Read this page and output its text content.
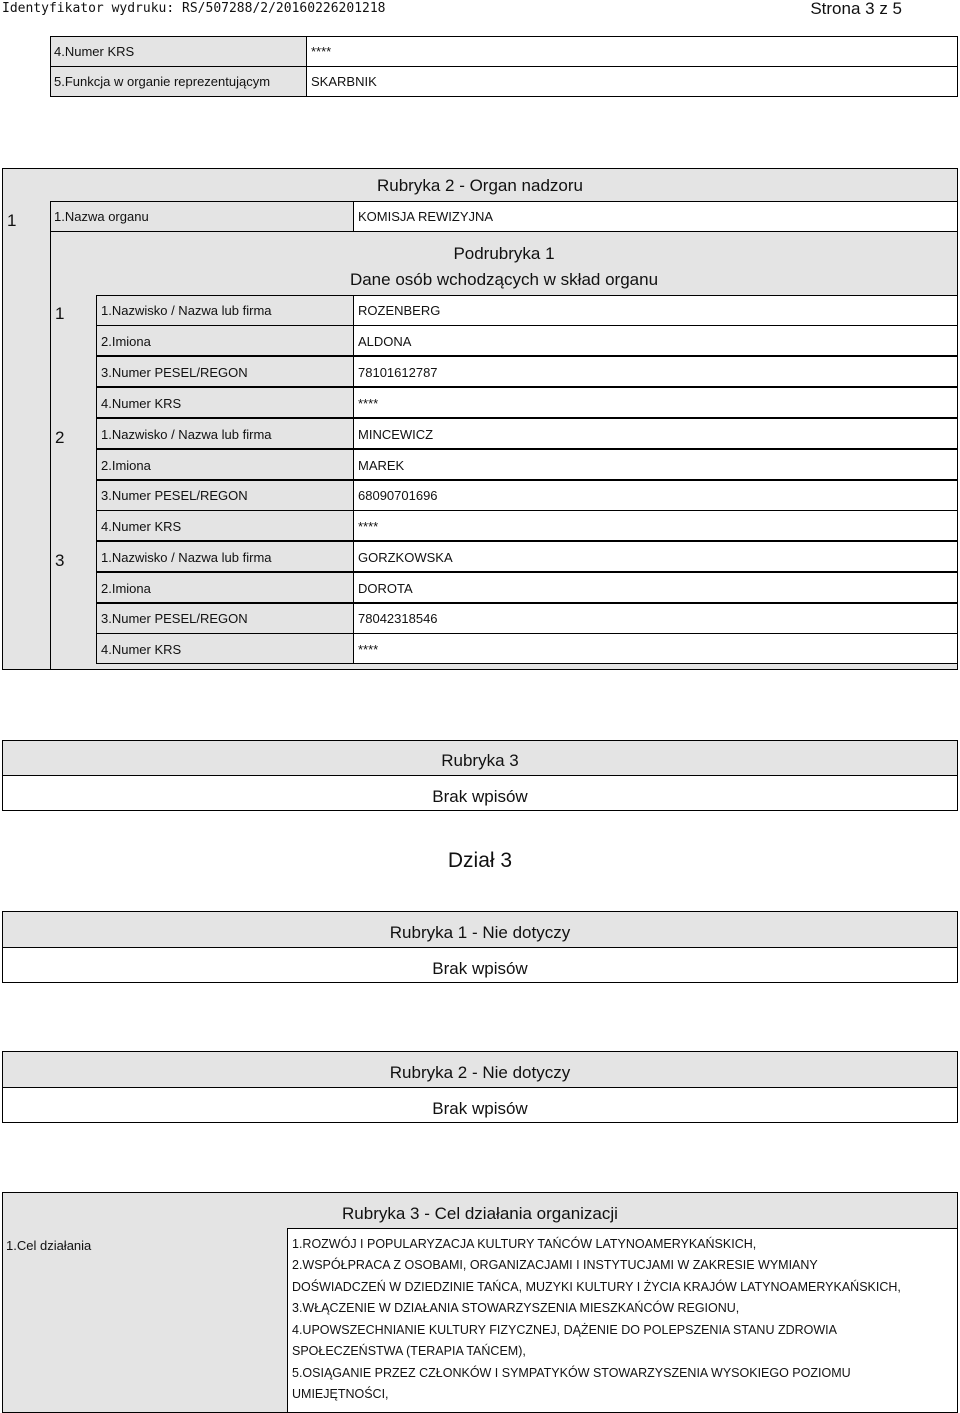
Identyfikator wydruku: RS/507288/2/20160226201218	Strona 3 z 5
4.Numer KRS	****
5.Funkcja w organie reprezentującym	SKARBNIK
Rubryka 2 - Organ nadzoru
1	1.Nazwa organu	KOMISJA REWIZYJNA
Podrubryka 1
Dane osób wchodzących w skład organu
1	1.Nazwisko / Nazwa lub firma	ROZENBERG
2.Imiona	ALDONA
3.Numer PESEL/REGON	78101612787
4.Numer KRS	****
2	1.Nazwisko / Nazwa lub firma	MINCEWICZ
2.Imiona	MAREK
3.Numer PESEL/REGON	68090701696
4.Numer KRS	****
3	1.Nazwisko / Nazwa lub firma	GORZKOWSKA
2.Imiona	DOROTA
3.Numer PESEL/REGON	78042318546
4.Numer KRS	****
Rubryka 3
Brak wpisów
Dział 3
Rubryka 1 - Nie dotyczy
Brak wpisów
Rubryka 2 - Nie dotyczy
Brak wpisów
Rubryka 3 - Cel działania organizacji
1.Cel działania	1.ROZWÓJ I POPULARYZACJA KULTURY TAŃCÓW LATYNOAMERYKAŃSKICH,
2.WSPÓŁPRACA Z OSOBAMI, ORGANIZACJAMI I INSTYTUCJAMI W ZAKRESIE WYMIANY
DOŚWIADCZEŃ W DZIEDZINIE TAŃCA, MUZYKI KULTURY I ŻYCIA KRAJÓW LATYNOAMERYKAŃSKICH,
3.WŁĄCZENIE W DZIAŁANIA STOWARZYSZENIA MIESZKAŃCÓW REGIONU,
4.UPOWSZECHNIANIE KULTURY FIZYCZNEJ, DĄŻENIE DO POLEPSZENIA STANU ZDROWIA
SPOŁECZEŃSTWA (TERAPIA TAŃCEM),
5.OSIĄGANIE PRZEZ CZŁONKÓW I SYMPATYKÓW STOWARZYSZENIA WYSOKIEGO POZIOMU
UMIEJĘTNOŚCI,
